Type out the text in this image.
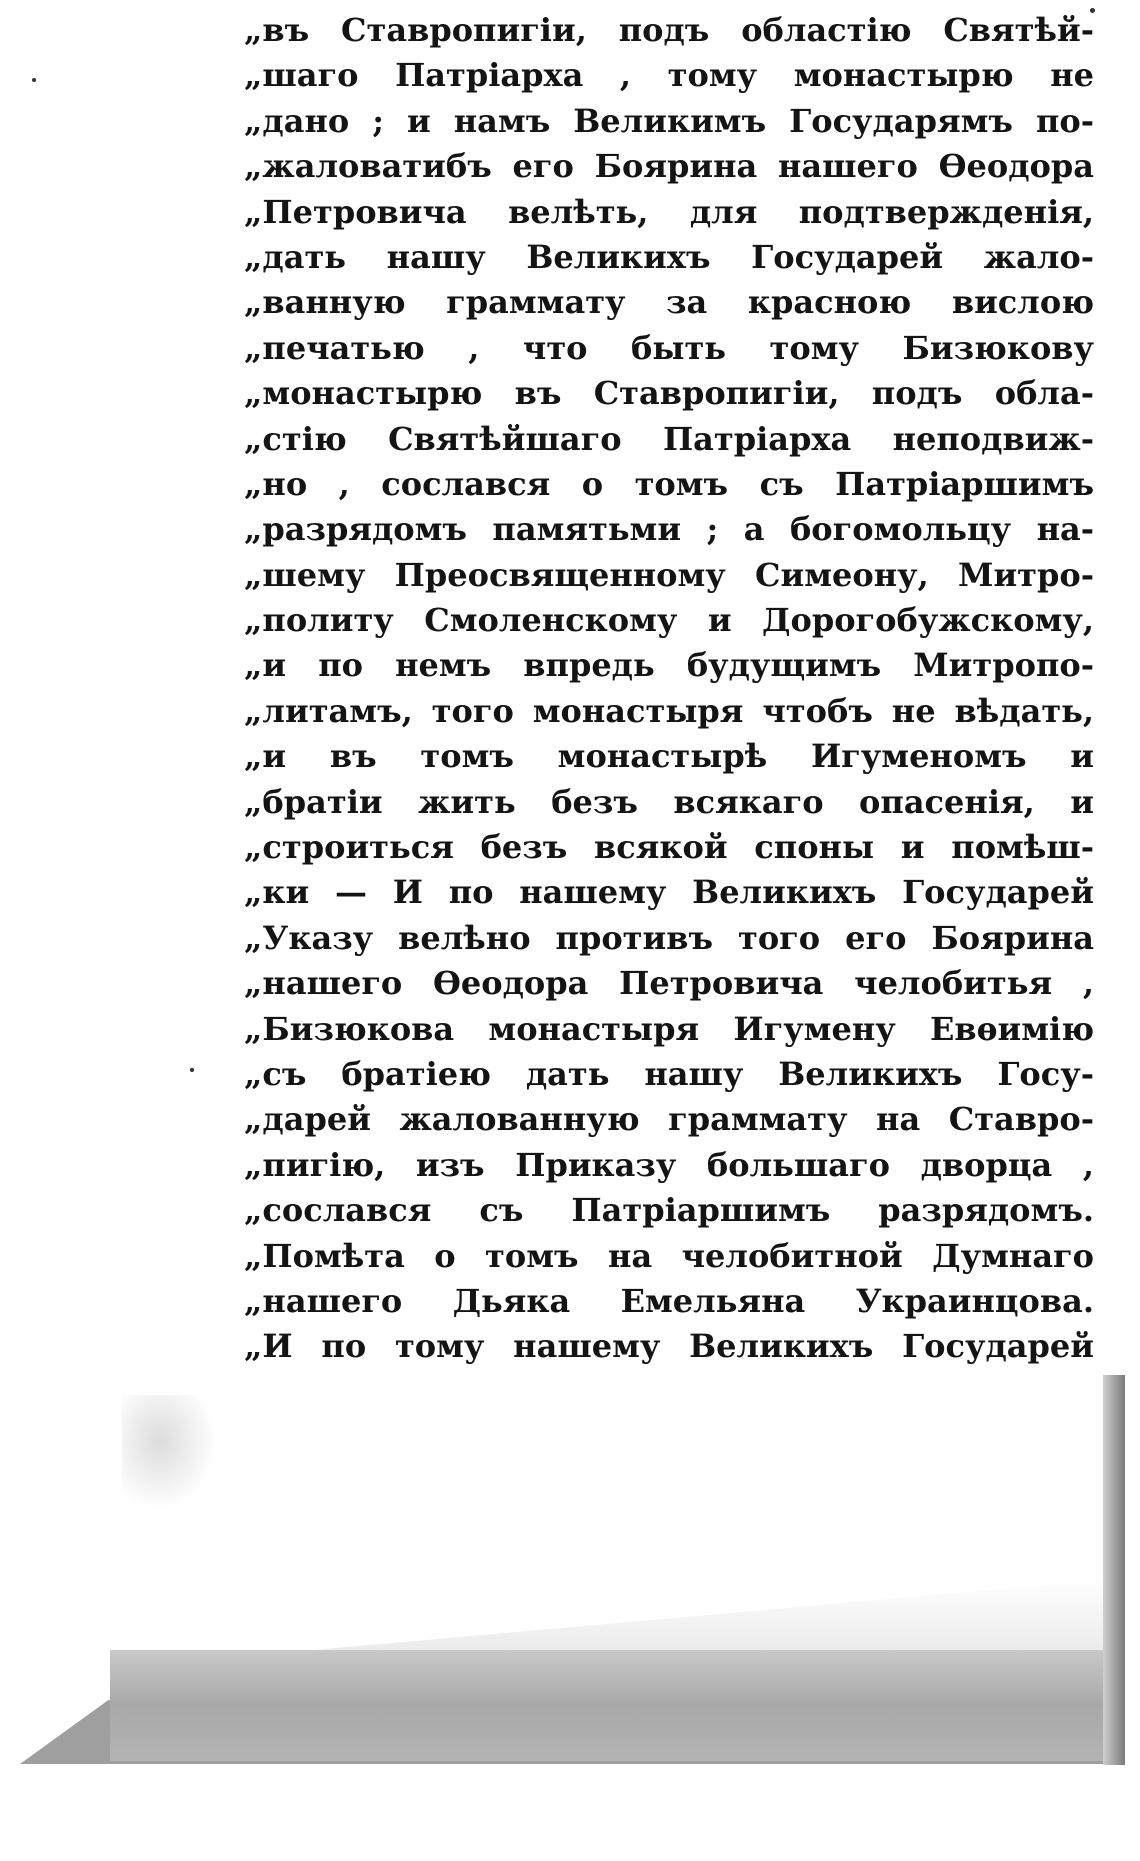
„въ Ставропигіи, подъ областію Святѣй-
„шаго Патріарха , тому монастырю не
„дано ; и намъ Великимъ Государямъ по-
„жаловатибъ его Боярина нашего Ѳеодора
„Петровича велѣть, для подтвержденія,
„дать нашу Великихъ Государей жало-
„ванную граммату за красною вислою
„печатью , что быть тому Бизюкову
„монастырю въ Ставропигіи, подъ обла-
„стію Святѣйшаго Патріарха неподвиж-
„но , сослався о томъ съ Патріаршимъ
„разрядомъ памятьми ; а богомольцу на-
„шему Преосвященному Симеону, Митро-
„политу Смоленскому и Дорогобужскому,
„и по немъ впредь будущимъ Митропо-
„литамъ, того монастыря чтобъ не вѣдать,
„и въ томъ монастырѣ Игуменомъ и
„братіи жить безъ всякаго опасенія, и
„строиться безъ всякой споны и помѣш-
„ки — И по нашему Великихъ Государей
„Указу велѣно противъ того его Боярина
„нашего Ѳеодора Петровича челобитья ,
„Бизюкова монастыря Игумену Евѳимію
„съ братіею дать нашу Великихъ Госу-
„дарей жалованную граммату на Ставро-
„пигію, изъ Приказу большаго дворца ,
„сослався съ Патріаршимъ разрядомъ.
„Помѣта о томъ на челобитной Думнаго
„нашего Дьяка Емельяна Украинцова.
„И по тому нашему Великихъ Государей
